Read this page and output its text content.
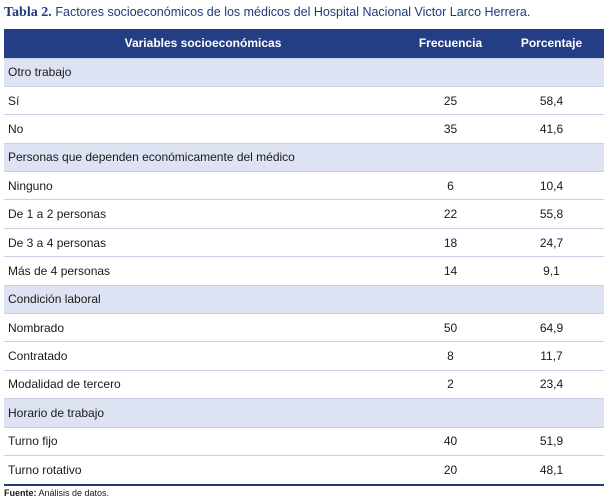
Tabla 2. Factores socioeconómicos de los médicos del Hospital Nacional Victor Larco Herrera.
Variables socioeconómicas	Frecuencia	Porcentaje
Otro trabajo		
Sí	25	58,4
No	35	41,6
Personas que dependen económicamente del médico		
Ninguno	6	10,4
De 1 a 2 personas	22	55,8
De 3 a 4 personas	18	24,7
Más de 4 personas	14	9,1
Condición laboral		
Nombrado	50	64,9
Contratado	8	11,7
Modalidad de tercero	2	23,4
Horario de trabajo		
Turno fijo	40	51,9
Turno rotativo	20	48,1
Fuente: Análisis de datos.
